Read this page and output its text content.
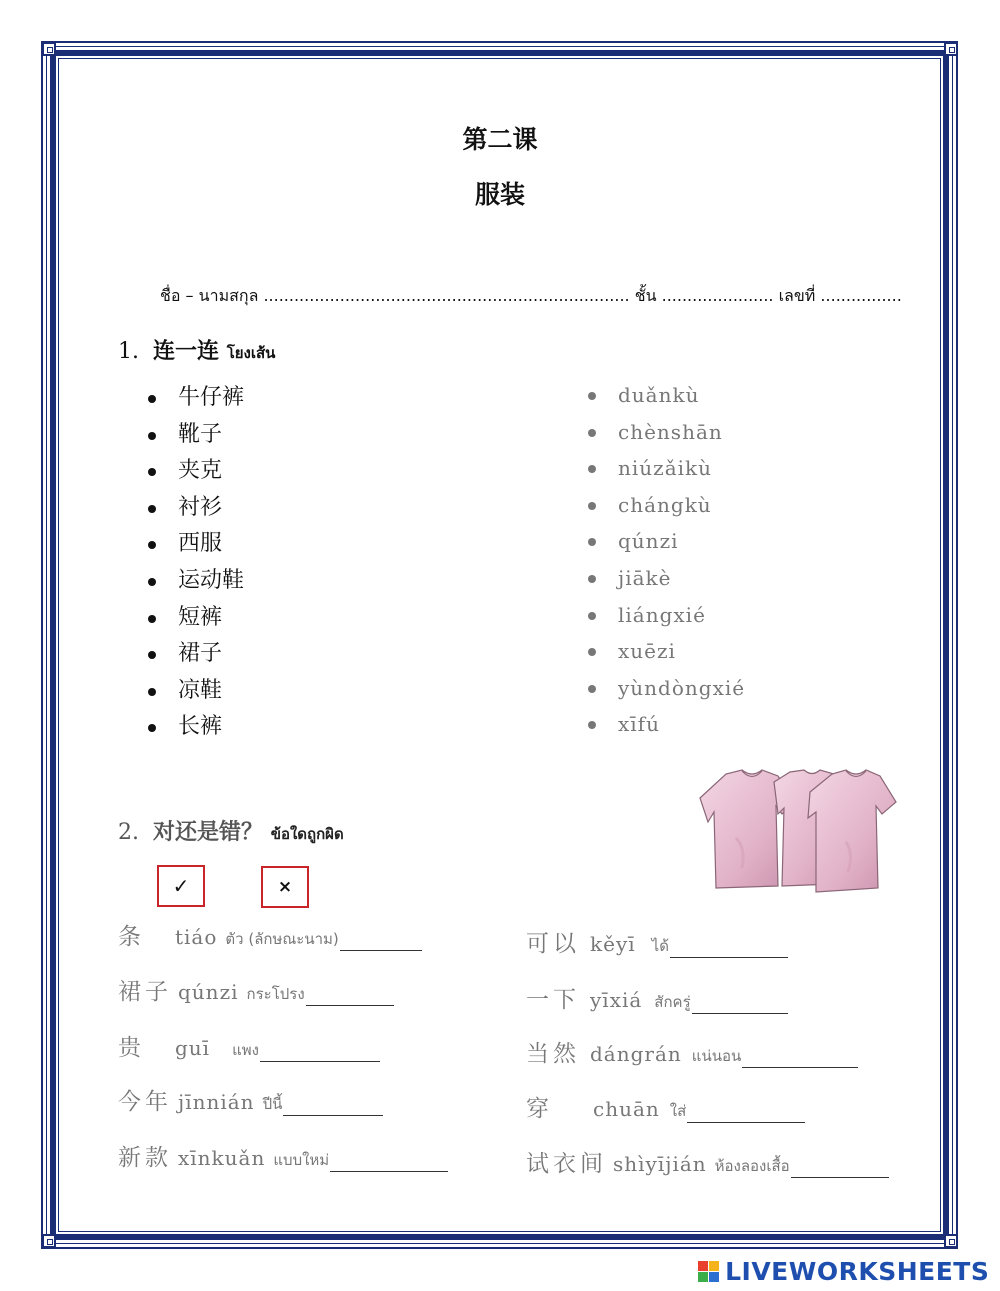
第二课
服装
ชื่อ – นามสกุล ........................................................................ ชั้น ...................... เลขที่ ................
1. 连一连 โยงเส้น
牛仔裤
靴子
夹克
衬衫
西服
运动鞋
短裤
裙子
凉鞋
长裤
duǎnkù
chènshān
niúzǎikù
chángkù
qúnzi
jiākè
liángxié
xuēzi
yùndòngxié
xīfú
2. 对还是错？ ข้อใดถูกผิด
✓	×
条 tiáo ตัว (ลักษณะนาม)
裙子 qúnzi กระโปรง
贵 guī แพง
今年 jīnnián ปีนี้
新款 xīnkuǎn แบบใหม่
可以 kěyī ได้
一下 yīxiá สักครู่
当然 dángrán แน่นอน
穿 chuān ใส่
试衣间 shìyījián ห้องลองเสื้อ
LIVEWORKSHEETS
